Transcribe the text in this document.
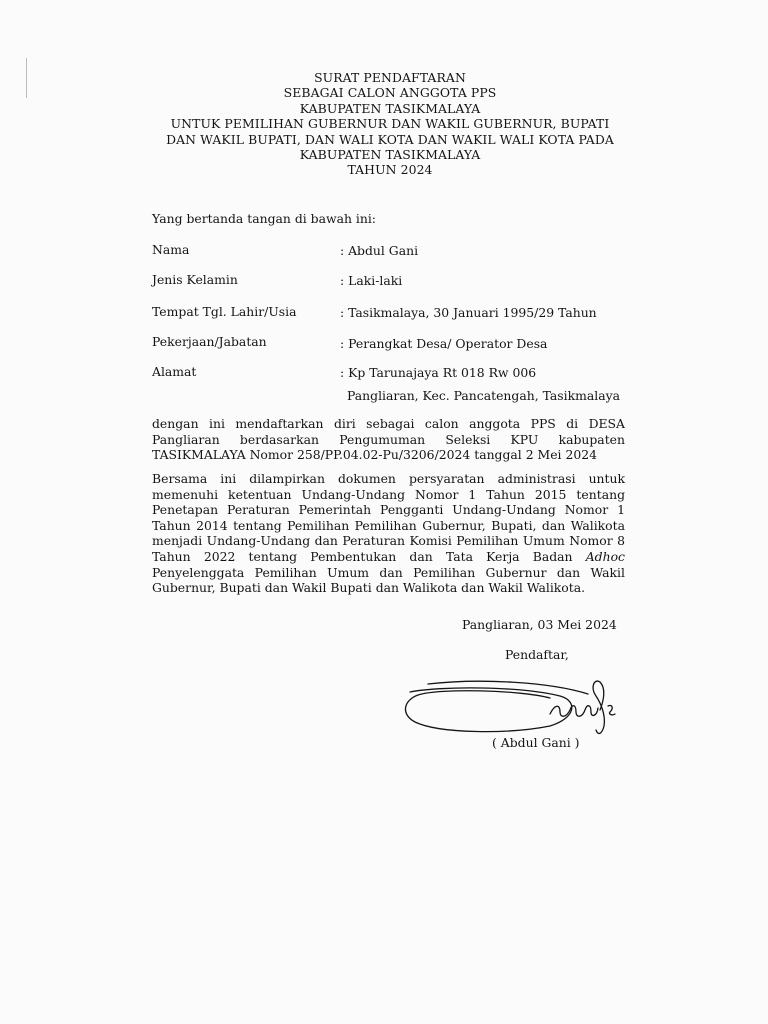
SURAT PENDAFTARAN
SEBAGAI CALON ANGGOTA PPS
KABUPATEN TASIKMALAYA
UNTUK PEMILIHAN GUBERNUR DAN WAKIL GUBERNUR, BUPATI
DAN WAKIL BUPATI, DAN WALI KOTA DAN WAKIL WALI KOTA PADA
KABUPATEN TASIKMALAYA
TAHUN 2024
Yang bertanda tangan di bawah ini:
Nama	: Abdul Gani
Jenis Kelamin	: Laki-laki
Tempat Tgl. Lahir/Usia	: Tasikmalaya, 30 Januari 1995/29 Tahun
Pekerjaan/Jabatan	: Perangkat Desa/ Operator Desa
Alamat	: Kp Tarunajaya Rt 018 Rw 006
Pangliaran, Kec. Pancatengah, Tasikmalaya
dengan ini mendaftarkan diri sebagai calon anggota PPS di DESA
Pangliaran berdasarkan Pengumuman Seleksi KPU kabupaten
TASIKMALAYA Nomor 258/PP.04.02-Pu/3206/2024 tanggal 2 Mei 2024
Bersama ini dilampirkan dokumen persyaratan administrasi untuk
memenuhi ketentuan Undang-Undang Nomor 1 Tahun 2015 tentang
Penetapan Peraturan Pemerintah Pengganti Undang-Undang Nomor 1
Tahun 2014 tentang Pemilihan Pemilihan Gubernur, Bupati, dan Walikota
menjadi Undang-Undang dan Peraturan Komisi Pemilihan Umum Nomor 8
Tahun 2022 tentang Pembentukan dan Tata Kerja Badan Adhoc
Penyelenggata Pemilihan Umum dan Pemilihan Gubernur dan Wakil
Gubernur, Bupati dan Wakil Bupati dan Walikota dan Wakil Walikota.
Pangliaran, 03 Mei 2024
Pendaftar,
( Abdul Gani )
